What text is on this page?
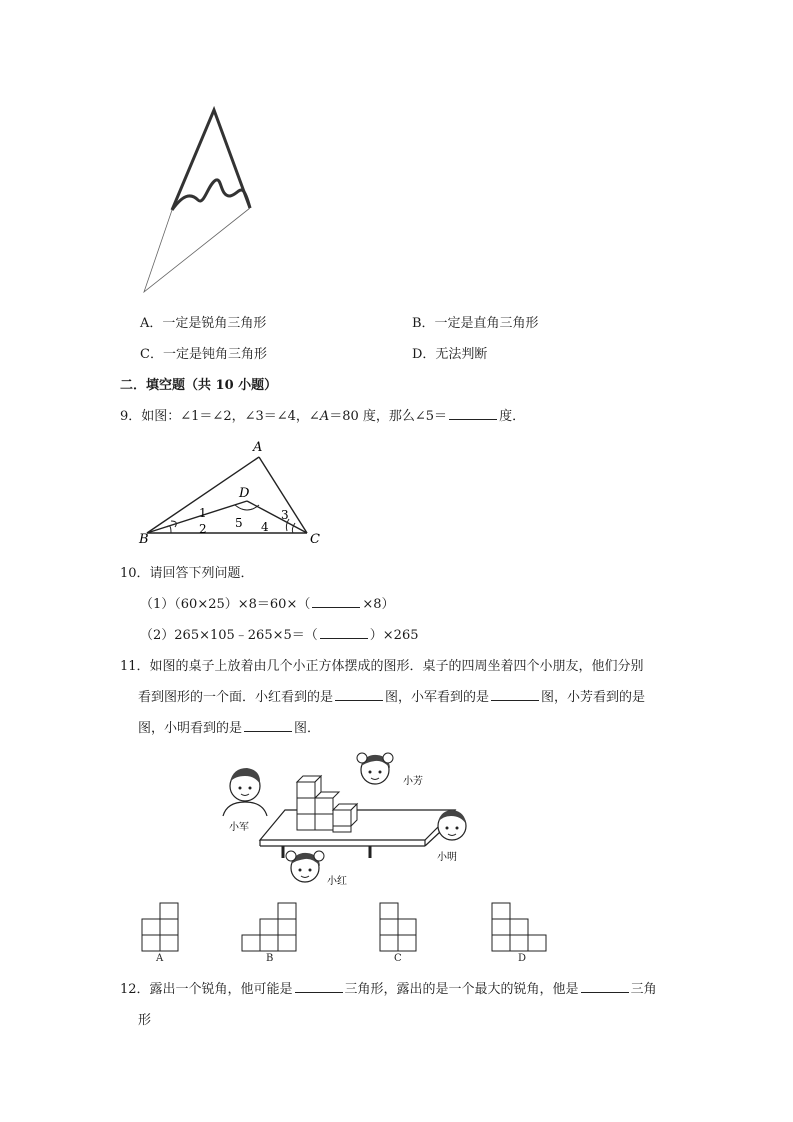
A．一定是锐角三角形	B．一定是直角三角形
C．一定是钝角三角形	D．无法判断
二．填空题（共 10 小题）
9．如图：∠1＝∠2，∠3＝∠4，∠A＝80 度，那么∠5＝	度．
A
D
B	C
1
2
3
4
5
10．请回答下列问题．
（1）（60×25）×8＝60×（	×8）
（2）265×105﹣265×5＝（	）×265
11．如图的桌子上放着由几个小正方体摆成的图形．桌子的四周坐着四个小朋友，他们分别
看到图形的一个面．小红看到的是	图，小军看到的是	图，小芳看到的是
图，小明看到的是	图．
小军
小芳
小明
小红
A	B	C	D
12．露出一个锐角，他可能是	三角形，露出的是一个最大的锐角，他是	三角
形
